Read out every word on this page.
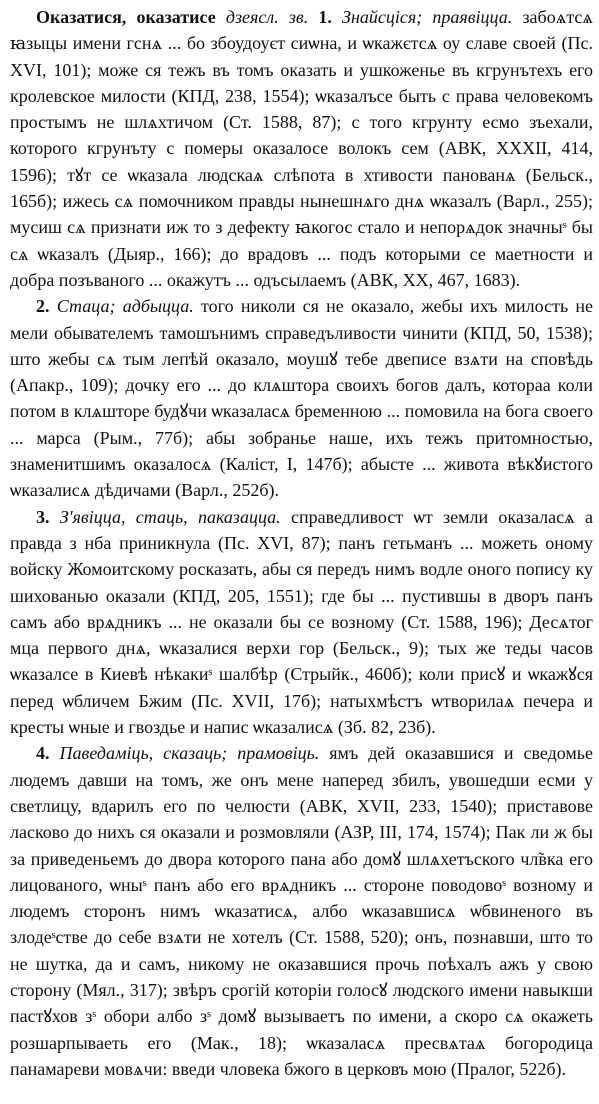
Оказатися, оказатисе дзеясл. зв. 1. Знайсціся; праявіцца. забоѧтсѧ ꙗзыцы имени гснѧ ... бо збоудоуєт сиѡна, и ѡкажєтсѧ оу славе своей (Пс. XVI, 101); може ся тежъ въ томъ оказать и ушкоженье въ кгрунътехъ его кролевское милости (КПД, 238, 1554); ѡказалъсе быть с права человекомъ простымъ не шлѧхтичом (Ст. 1588, 87); с того кгрунту есмо зъехали, которого кгрунъту с померы оказалосе волокъ сем (АВК, XXXII, 414, 1596); тꙋт се ѡказала людскаѧ слѣпота в хтивости панованѧ (Бельск., 165б); ижесь сѧ помочником правды нынешнѧго днѧ ѡказалъ (Варл., 255); мусиш сѧ признати иж то з дефекту ꙗкогос стало и непорѧдок значныˢ бы сѧ ѡказалъ (Дыяр., 166); до врадовъ ... подъ которыми се маетности и добра позъваного ... окажутъ ... одъсылаемъ (АВК, XX, 467, 1683).

2. Стаца; адбыцца. того николи ся не оказало, жебы ихъ милость не мели обывателемъ тамошънимъ справедъливости чинити (КПД, 50, 1538); што жебы сѧ тым лепѣй оказало, моушꙋ тебе двеписе взѧти на сповѣдь (Апакр., 109); дочку его ... до клѧштора своихъ богов далъ, котораа коли потом в клѧшторе будꙋчи ѡказаласѧ бременною ... помовила на бога своего ... марса (Рым., 77б); абы зобранье наше, ихъ тежъ притомностью, знаменитшимъ оказалосѧ (Каліст, I, 147б); абысте ... живота вѣкꙋистого ѡказалисѧ дѣдичами (Варл., 252б).

3. З'явіцца, стаць, паказацца. справедливост ѡт земли оказаласѧ а правда з нба приникнула (Пс. XVI, 87); панъ гетьманъ ... можеть оному войску Жомоитскому росказать, абы ся передъ нимъ водле оного попису ку шихованью оказали (КПД, 205, 1551); где бы ... пустившы в дворъ панъ самъ або врѧдникъ ... не оказали бы се возному (Ст. 1588, 196); Десѧтог мца первого днѧ, ѡказалися верхи гор (Бельск., 9); тых же теды часов ѡказалсе в Киевѣ нѣкакиˢ шалбѣр (Стрыйк., 460б); коли присꙋ и ѡкажꙋся перед ѡбличем Бжим (Пс. XVII, 17б); натыхмѣстъ ѡтворилаѧ печера и кресты ѡные и гвоздье и напис ѡказалисѧ (Зб. 82, 23б).

4. Паведаміць, сказаць; прамовіць. ямъ дей оказавшися и сведомье людемъ давши на томъ, же онъ мене наперед збилъ, увошедши есми у светлицу, вдарилъ его по челюсти (АВК, XVII, 233, 1540); приставове ласково до нихъ ся оказали и розмовляли (АЗР, III, 174, 1574); Пак ли ж бы за приведеньемъ до двора которого пана або домꙋ шлѧхетъского чл̃вка его лицованого, ѡныˢ панъ або его врѧдникъ ... стороне поводовоˢ возному и людемъ сторонъ нимъ ѡказатисѧ, албо ѡказавшисѧ ѡбвиненого въ злодеˢстве до себе взѧти не хотелъ (Ст. 1588, 520); онъ, познавши, што то не шутка, да и самъ, никому не оказавшися прочь поѣхалъ ажъ у свою сторону (Мял., 317); звѣръ срогій которіи голосꙋ людского имени навыкши пастꙋхов зˢ обори албо зˢ домꙋ вызываетъ по имени, а скоро сѧ окажеть розшарпываеть его (Мак., 18); ѡказаласѧ пресвѧтаѧ богородица панамареви мовѧчи: введи чловека бжого в церковъ мою (Пралог, 522б).
